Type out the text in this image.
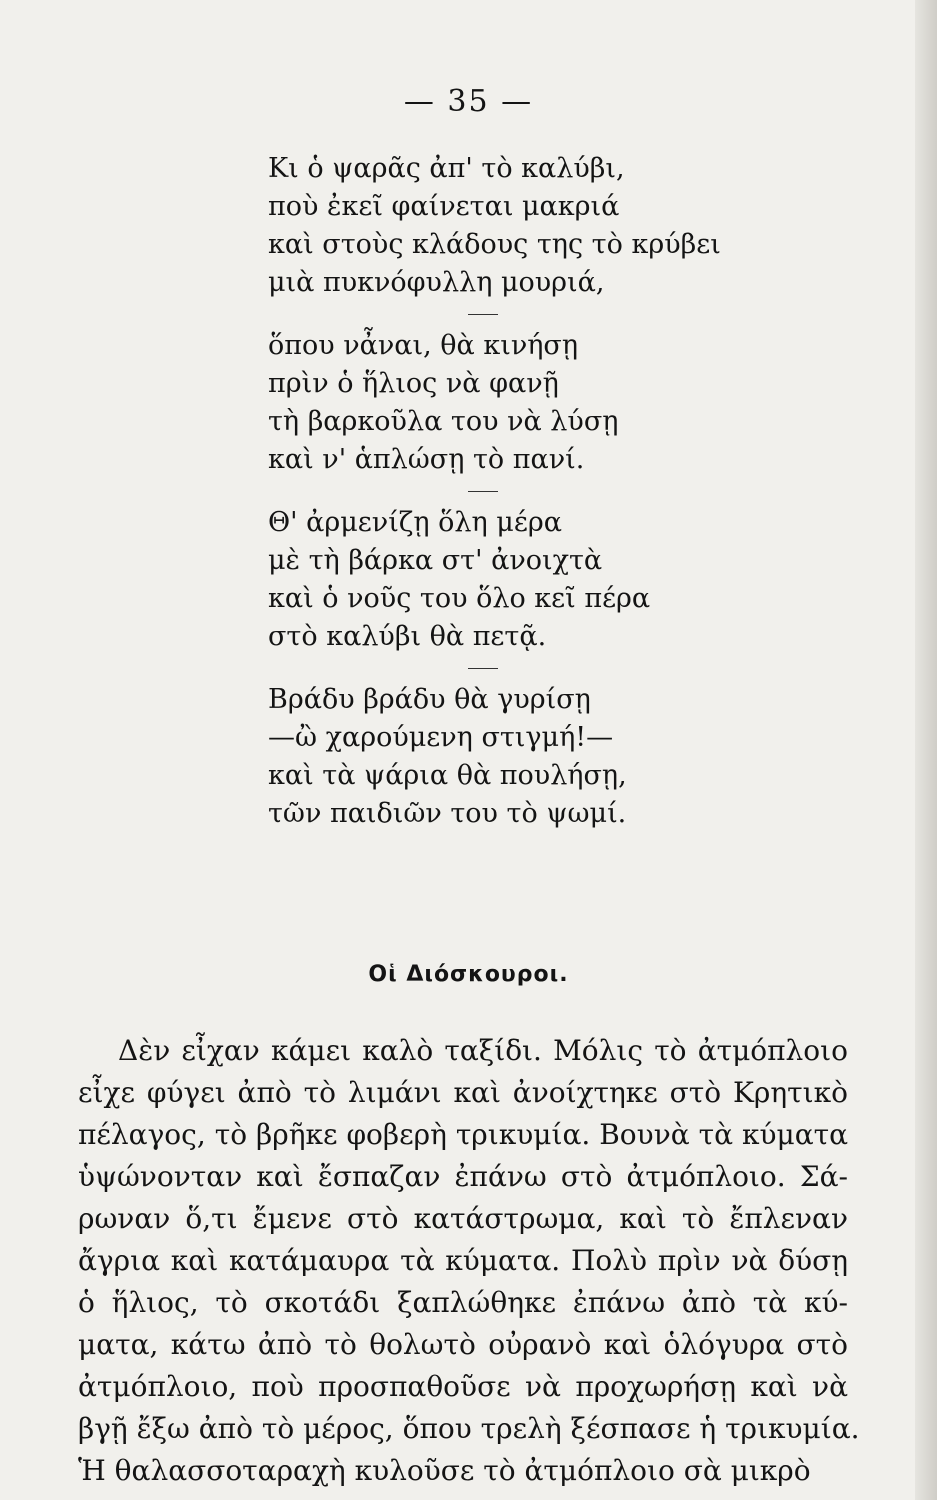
— 35 —
Κι ὁ ψαρᾶς ἀπ' τὸ καλύβι,
ποὺ ἐκεῖ φαίνεται μακριά
καὶ στοὺς κλάδους της τὸ κρύβει
μιὰ πυκνόφυλλη μουριά,
ὅπου νἆναι, θὰ κινήσῃ
πρὶν ὁ ἥλιος νὰ φανῇ
τὴ βαρκοῦλα του νὰ λύσῃ
καὶ ν' ἁπλώσῃ τὸ πανί.
Θ' ἀρμενίζῃ ὅλη μέρα
μὲ τὴ βάρκα στ' ἀνοιχτὰ
καὶ ὁ νοῦς του ὅλο κεῖ πέρα
στὸ καλύβι θὰ πετᾷ.
Βράδυ βράδυ θὰ γυρίσῃ
—ὢ χαρούμενη στιγμή!—
καὶ τὰ ψάρια θὰ πουλήσῃ,
τῶν παιδιῶν του τὸ ψωμί.
Οἱ Διόσκουροι.
Δὲν εἶχαν κάμει καλὸ ταξίδι. Μόλις τὸ ἀτμόπλοιο
εἶχε φύγει ἀπὸ τὸ λιμάνι καὶ ἀνοίχτηκε στὸ Κρητικὸ
πέλαγος, τὸ βρῆκε φοβερὴ τρικυμία. Βουνὰ τὰ κύματα
ὑψώνονταν καὶ ἔσπαζαν ἐπάνω στὸ ἀτμόπλοιο. Σά-
ρωναν ὅ,τι ἔμενε στὸ κατάστρωμα, καὶ τὸ ἔπλεναν
ἄγρια καὶ κατάμαυρα τὰ κύματα. Πολὺ πρὶν νὰ δύσῃ
ὁ ἥλιος, τὸ σκοτάδι ξαπλώθηκε ἐπάνω ἀπὸ τὰ κύ-
ματα, κάτω ἀπὸ τὸ θολωτὸ οὐρανὸ καὶ ὁλόγυρα στὸ
ἀτμόπλοιο, ποὺ προσπαθοῦσε νὰ προχωρήσῃ καὶ νὰ
βγῇ ἔξω ἀπὸ τὸ μέρος, ὅπου τρελὴ ξέσπασε ἡ τρικυμία.
Ἡ θαλασσοταραχὴ κυλοῦσε τὸ ἀτμόπλοιο σὰ μικρὸ
